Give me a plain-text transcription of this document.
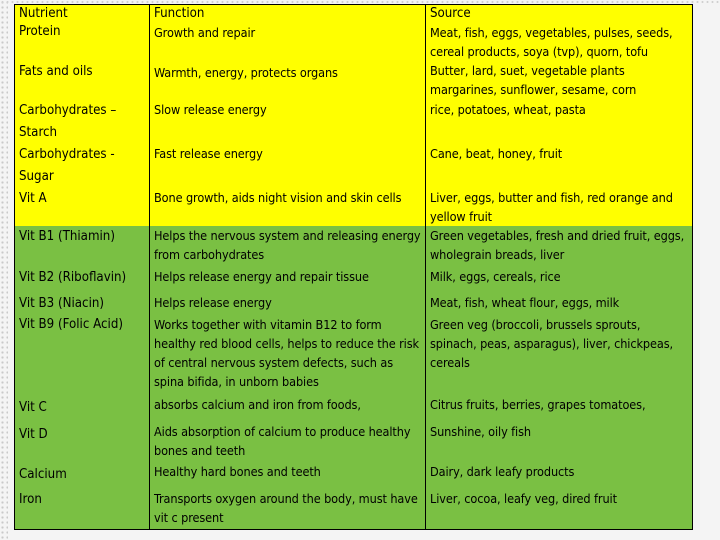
Nutrient	Function	Source
Protein	Growth and repair	Meat, fish, eggs, vegetables, pulses, seeds, cereal products, soya (tvp), quorn, tofu
Fats and oils	Warmth, energy, protects organs	Butter, lard, suet, vegetable plants margarines, sunflower, sesame, corn
Carbohydrates – Starch	Slow release energy	rice, potatoes, wheat, pasta
Carbohydrates - Sugar	Fast release energy	Cane, beat, honey, fruit
Vit A	Bone growth, aids night vision and skin cells	Liver, eggs, butter and fish, red orange and yellow fruit
Vit B1 (Thiamin)	Helps the nervous system and releasing energy from carbohydrates	Green vegetables, fresh and dried fruit, eggs, wholegrain breads, liver
Vit B2 (Riboflavin)	Helps release energy and repair tissue	Milk, eggs, cereals, rice
Vit B3 (Niacin)	Helps release energy	Meat, fish, wheat flour, eggs, milk
Vit B9 (Folic Acid)	Works together with vitamin B12 to form healthy red blood cells, helps to reduce the risk of central nervous system defects, such as spina bifida, in unborn babies	Green veg (broccoli, brussels sprouts, spinach, peas, asparagus), liver, chickpeas, cereals
Vit C	absorbs calcium and iron from foods,	Citrus fruits, berries, grapes tomatoes,
Vit D	Aids absorption of calcium to produce healthy bones and teeth	Sunshine, oily fish
Calcium	Healthy hard bones and teeth	Dairy, dark leafy products
Iron	Transports oxygen around the body, must have vit c present	Liver, cocoa, leafy veg, dired fruit
